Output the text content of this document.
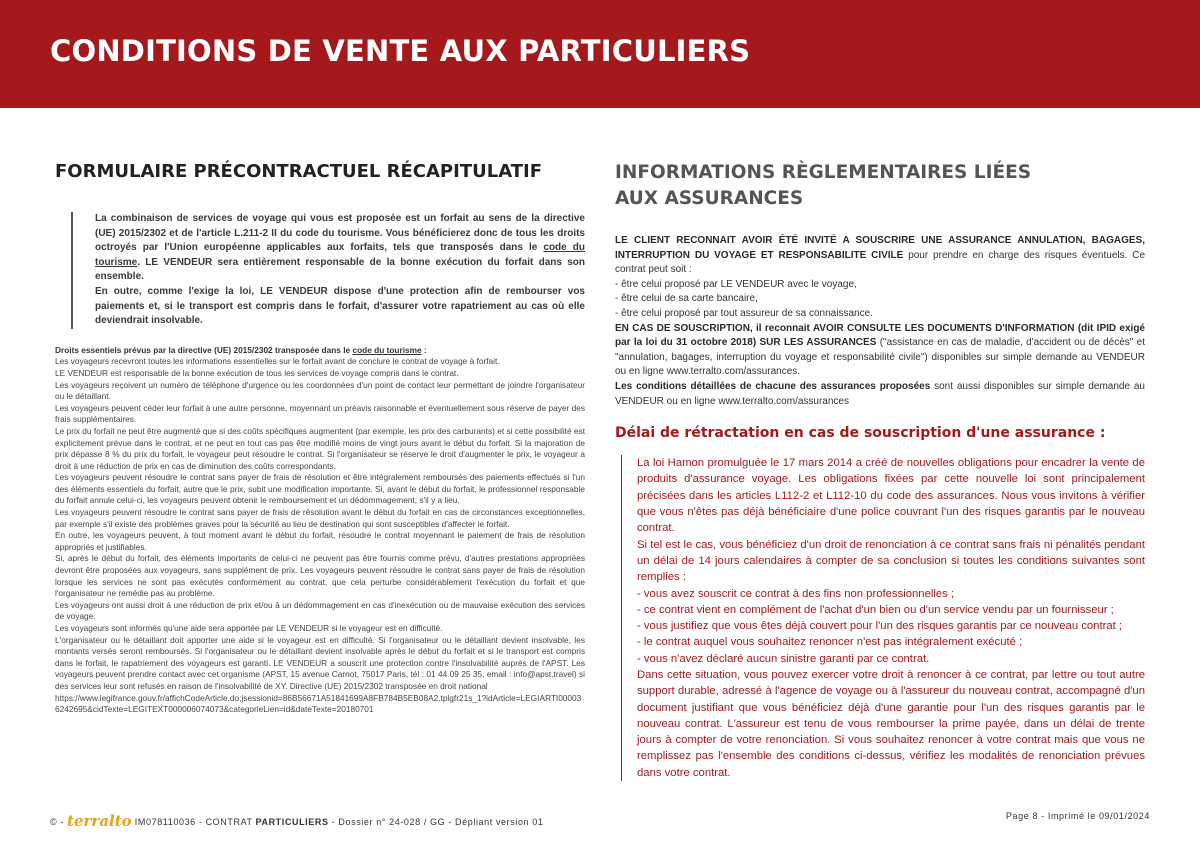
CONDITIONS DE VENTE AUX PARTICULIERS
FORMULAIRE PRÉCONTRACTUEL RÉCAPITULATIF

La combinaison de services de voyage qui vous est proposée est un forfait au sens de la directive (UE) 2015/2302 et de l'article L.211-2 II du code du tourisme. Vous bénéficierez donc de tous les droits octroyés par l'Union européenne applicables aux forfaits, tels que transposés dans le code du tourisme. LE VENDEUR sera entièrement responsable de la bonne exécution du forfait dans son ensemble.

En outre, comme l'exige la loi, LE VENDEUR dispose d'une protection afin de rembourser vos paiements et, si le transport est compris dans le forfait, d'assurer votre rapatriement au cas où elle deviendrait insolvable.

Droits essentiels prévus par la directive (UE) 2015/2302 transposée dans le code du tourisme :

Les voyageurs recevront toutes les informations essentielles sur le forfait avant de conclure le contrat de voyage à forfait.

LE VENDEUR est responsable de la bonne exécution de tous les services de voyage compris dans le contrat.

Les voyageurs reçoivent un numéro de téléphone d'urgence ou les coordonnées d'un point de contact leur permettant de joindre l'organisateur ou le détaillant.

Les voyageurs peuvent céder leur forfait à une autre personne, moyennant un préavis raisonnable et éventuellement sous réserve de payer des frais supplémentaires.

Le prix du forfait ne peut être augmenté que si des coûts spécifiques augmentent (par exemple, les prix des carburants) et si cette possibilité est explicitement prévue dans le contrat, et ne peut en tout cas pas être modifié moins de vingt jours avant le début du forfait. Si la majoration de prix dépasse 8 % du prix du forfait, le voyageur peut résoudre le contrat. Si l'organisateur se réserve le droit d'augmenter le prix, le voyageur a droit à une réduction de prix en cas de diminution des coûts correspondants.

Les voyageurs peuvent résoudre le contrat sans payer de frais de résolution et être intégralement remboursés des paiements effectués si l'un des éléments essentiels du forfait, autre que le prix, subit une modification importante. Si, avant le début du forfait, le professionnel responsable du forfait annule celui-ci, les voyageurs peuvent obtenir le remboursement et un dédommagement, s'il y a lieu.

Les voyageurs peuvent résoudre le contrat sans payer de frais de résolution avant le début du forfait en cas de circonstances exceptionnelles, par exemple s'il existe des problèmes graves pour la sécurité au lieu de destination qui sont susceptibles d'affecter le forfait.

En outre, les voyageurs peuvent, à tout moment avant le début du forfait, résoudre le contrat moyennant le paiement de frais de résolution appropriés et justifiables.

Si, après le début du forfait, des éléments importants de celui-ci ne peuvent pas être fournis comme prévu, d'autres prestations appropriées devront être proposées aux voyageurs, sans supplément de prix. Les voyageurs peuvent résoudre le contrat sans payer de frais de résolution lorsque les services ne sont pas exécutés conformément au contrat, que cela perturbe considérablement l'exécution du forfait et que l'organisateur ne remédie pas au problème.

Les voyageurs ont aussi droit à une réduction de prix et/ou à un dédommagement en cas d'inexécution ou de mauvaise exécution des services de voyage.

Les voyageurs sont informés qu'une aide sera apportée par LE VENDEUR si le voyageur est en difficulté.

L'organisateur ou le détaillant doit apporter une aide si le voyageur est en difficulté. Si l'organisateur ou le détaillant devient insolvable, les montants versés seront remboursés. Si l'organisateur ou le détaillant devient insolvable après le début du forfait et si le transport est compris dans le forfait, le rapatriement des voyageurs est garanti. LE VENDEUR a souscrit une protection contre l'insolvabilité auprès de l'APST. Les voyageurs peuvent prendre contact avec cet organisme (APST, 15 avenue Carnot, 75017 Paris, tél : 01 44 09 25 35, email : info@apst.travel) si des services leur sont refusés en raison de l'insolvabilité de XY. Directive (UE) 2015/2302 transposée en droit national

https://www.legifrance.gouv.fr/affichCodeArticle.do;jsessionid=86B56671A51841699A8FB784B5EB08A2.tplgfr21s_1?idArticle=LEGIARTI000036242695&cidTexte=LEGITEXT000006074073&categorieLien=id&dateTexte=20180701

INFORMATIONS RÈGLEMENTAIRES LIÉES
AUX ASSURANCES

LE CLIENT RECONNAIT AVOIR ÉTÉ INVITÉ A SOUSCRIRE UNE ASSURANCE ANNULATION, BAGAGES, INTERRUPTION DU VOYAGE ET RESPONSABILITE CIVILE pour prendre en charge des risques éventuels. Ce contrat peut soit :

- être celui proposé par LE VENDEUR avec le voyage,

- être celui de sa carte bancaire,

- être celui proposé par tout assureur de sa connaissance.

EN CAS DE SOUSCRIPTION, il reconnait AVOIR CONSULTE LES DOCUMENTS D'INFORMATION (dit IPID exigé par la loi du 31 octobre 2018) SUR LES ASSURANCES ("assistance en cas de maladie, d'accident ou de décès" et "annulation, bagages, interruption du voyage et responsabilité civile") disponibles sur simple demande au VENDEUR ou en ligne www.terralto.com/assurances.

Les conditions détaillées de chacune des assurances proposées sont aussi disponibles sur simple demande au VENDEUR ou en ligne www.terralto.com/assurances

Délai de rétractation en cas de souscription d'une assurance :

La loi Hamon promulguée le 17 mars 2014 a créé de nouvelles obligations pour encadrer la vente de produits d'assurance voyage. Les obligations fixées par cette nouvelle loi sont principalement précisées dans les articles L112-2 et L112-10 du code des assurances. Nous vous invitons à vérifier que vous n'êtes pas déjà bénéficiaire d'une police couvrant l'un des risques garantis par le nouveau contrat.

Si tel est le cas, vous bénéficiez d'un droit de renonciation à ce contrat sans frais ni pénalités pendant un délai de 14 jours calendaires à compter de sa conclusion si toutes les conditions suivantes sont remplies :

- vous avez souscrit ce contrat à des fins non professionnelles ;

- ce contrat vient en complément de l'achat d'un bien ou d'un service vendu par un fournisseur ;

- vous justifiez que vous êtes déjà couvert pour l'un des risques garantis par ce nouveau contrat ;

- le contrat auquel vous souhaitez renoncer n'est pas intégralement exécuté ;

- vous n'avez déclaré aucun sinistre garanti par ce contrat.

Dans cette situation, vous pouvez exercer votre droit à renoncer à ce contrat, par lettre ou tout autre support durable, adressé à l'agence de voyage ou à l'assureur du nouveau contrat, accompagné d'un document justifiant que vous bénéficiez déjà d'une garantie pour l'un des risques garantis par le nouveau contrat. L'assureur est tenu de vous rembourser la prime payée, dans un délai de trente jours à compter de votre renonciation. Si vous souhaitez renoncer à votre contrat mais que vous ne remplissez pas l'ensemble des conditions ci-dessus, vérifiez les modalités de renonciation prévues dans votre contrat.

© - terralto IM078110036 - CONTRAT PARTICULIERS - Dossier n° 24-028 / GG - Dépliant version 01
Page 8 - Imprimé le 09/01/2024
